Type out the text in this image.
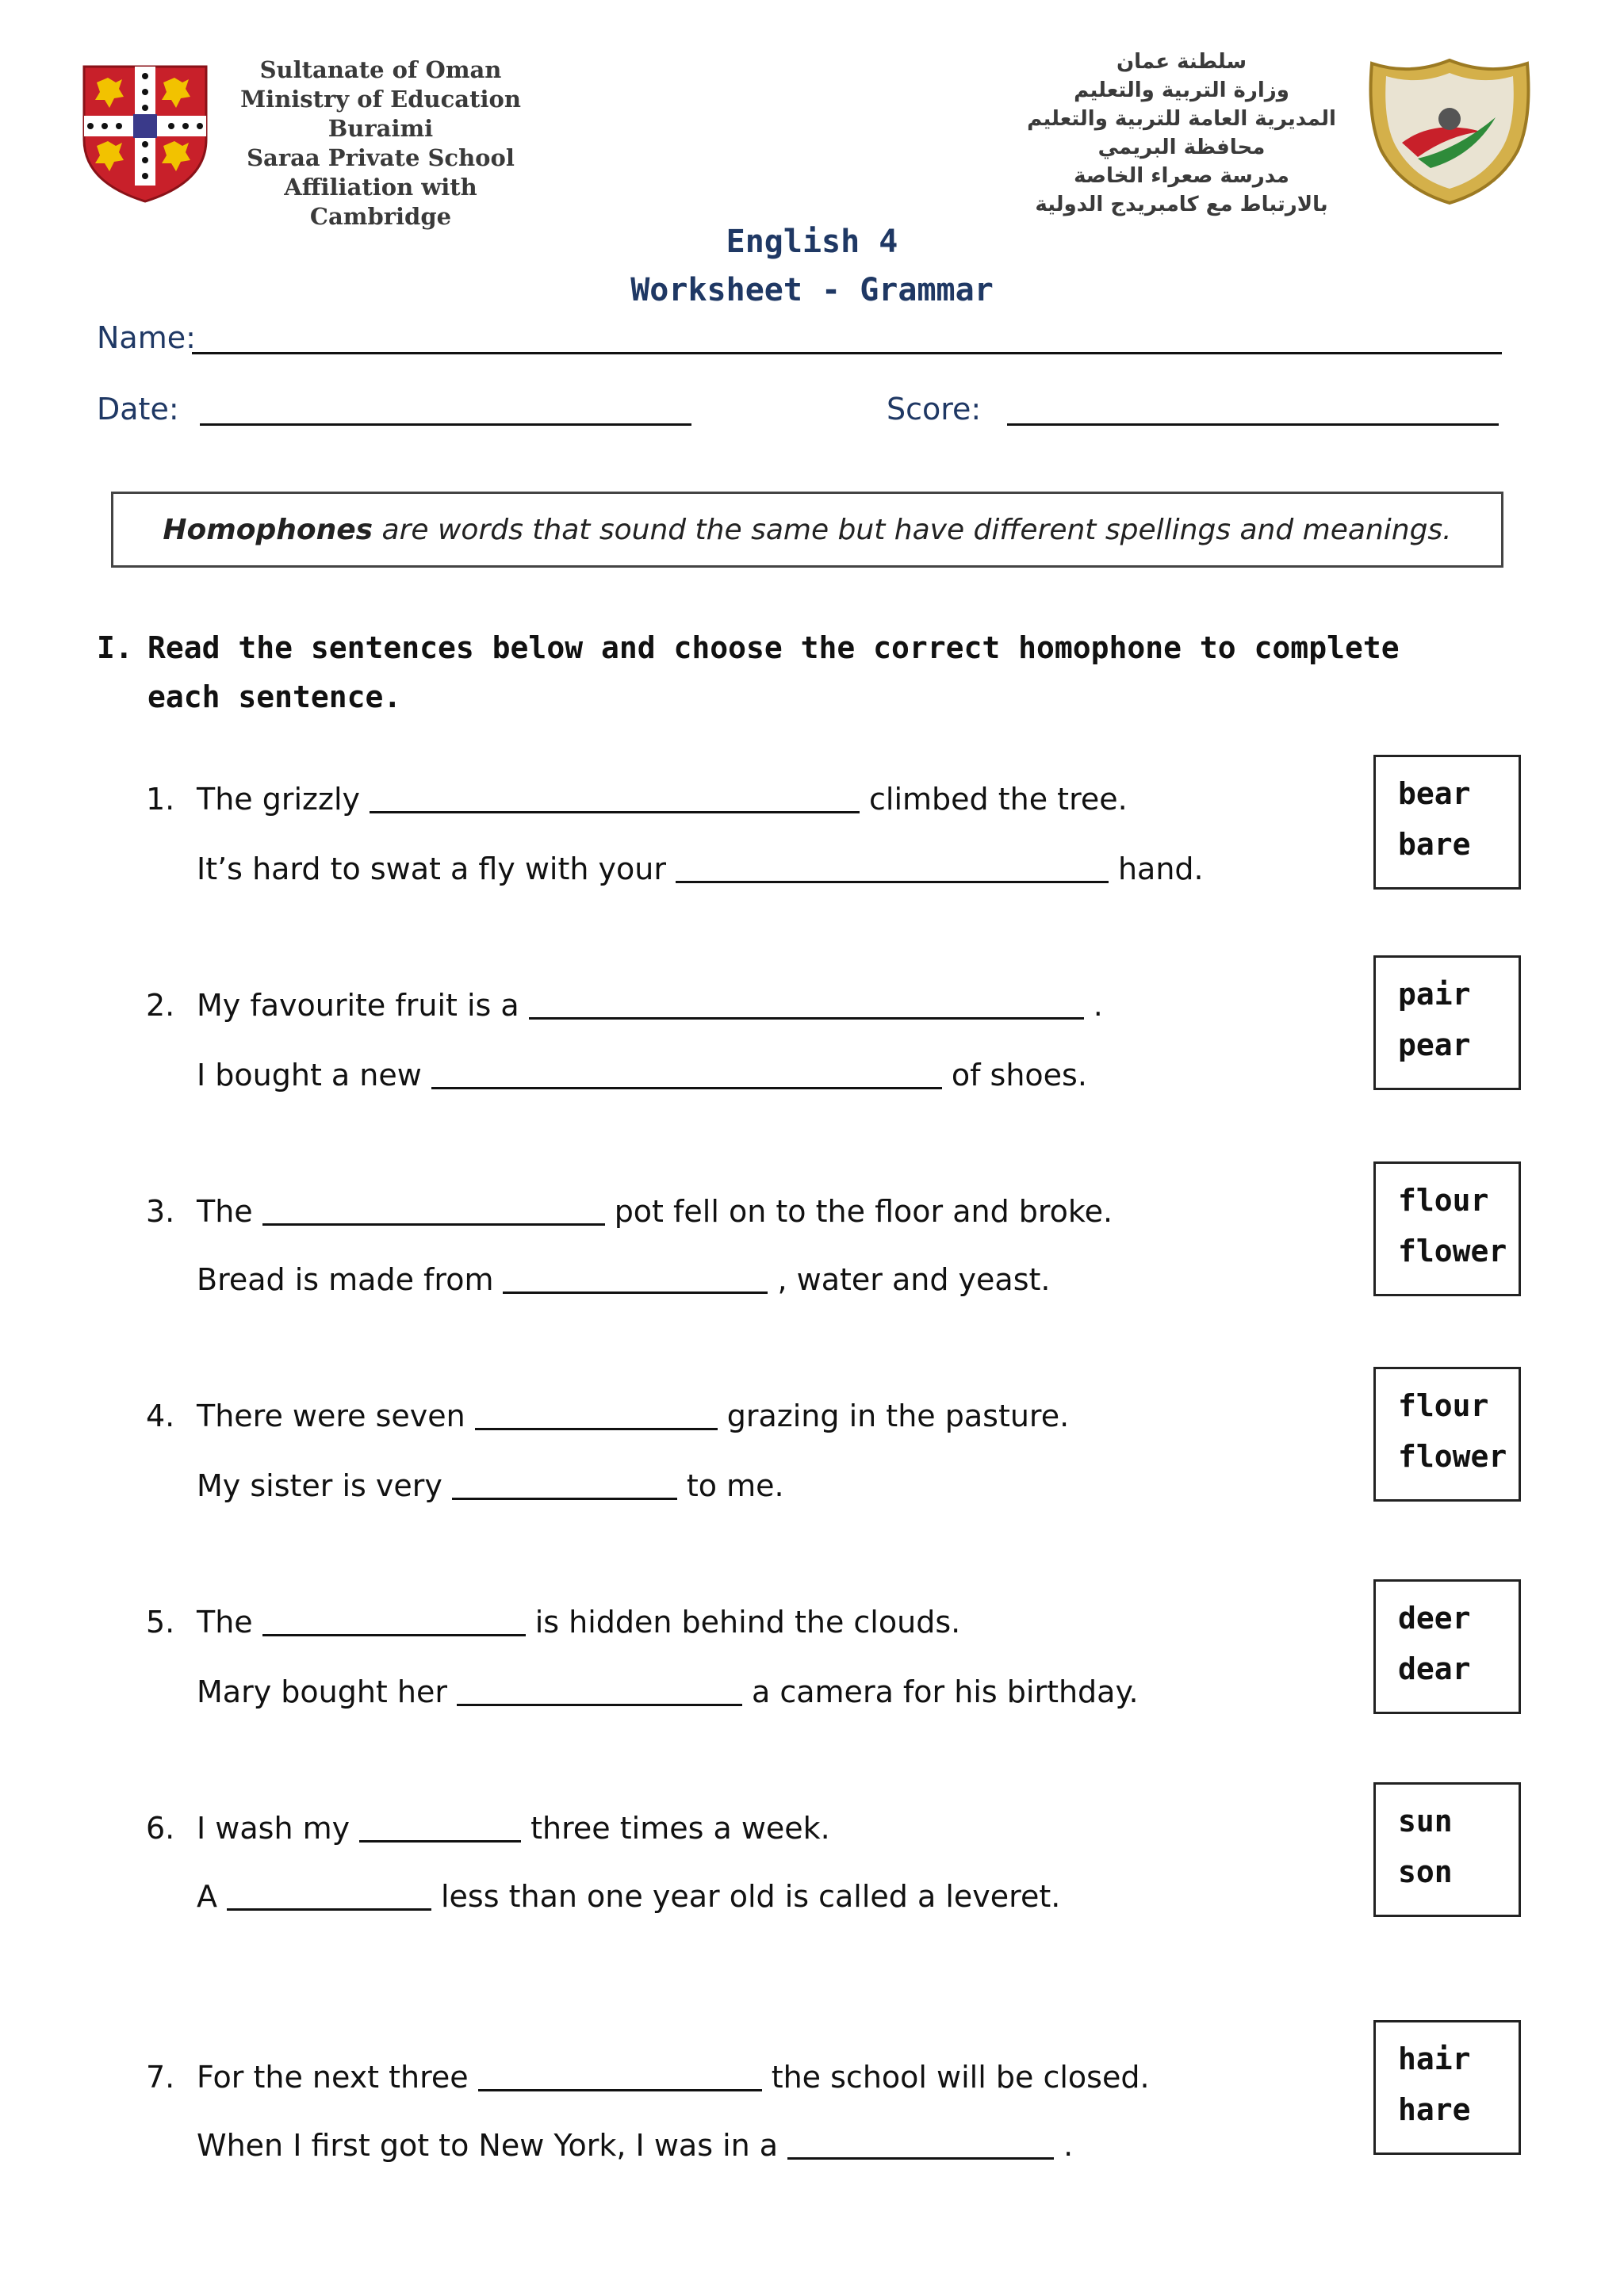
Sultanate of Oman
Ministry of Education
Buraimi
Saraa Private School
Affiliation with Cambridge
سلطنة عمان
وزارة التربية والتعليم
المديرية العامة للتربية والتعليم
محافظة البريمي
مدرسة صعراء الخاصة
بالارتباط مع كامبريدج الدولية
English 4
Worksheet - Grammar
Name:
Date:	Score:
Homophones are words that sound the same but have different spellings and meanings.
I. Read the sentences below and choose the correct homophone to complete each sentence.
1. The grizzly	climbed the tree.
It’s hard to swat a fly with your	hand.
bear
bare
2. My favourite fruit is a	.
I bought a new	of shoes.
pair
pear
3. The	pot fell on to the floor and broke.
Bread is made from	, water and yeast.
flour
flower
4. There were seven	grazing in the pasture.
My sister is very	to me.
flour
flower
5. The	is hidden behind the clouds.
Mary bought her	a camera for his birthday.
deer
dear
6. I wash my	three times a week.
A	less than one year old is called a leveret.
sun
son
7. For the next three	the school will be closed.
When I first got to New York, I was in a	.
hair
hare
